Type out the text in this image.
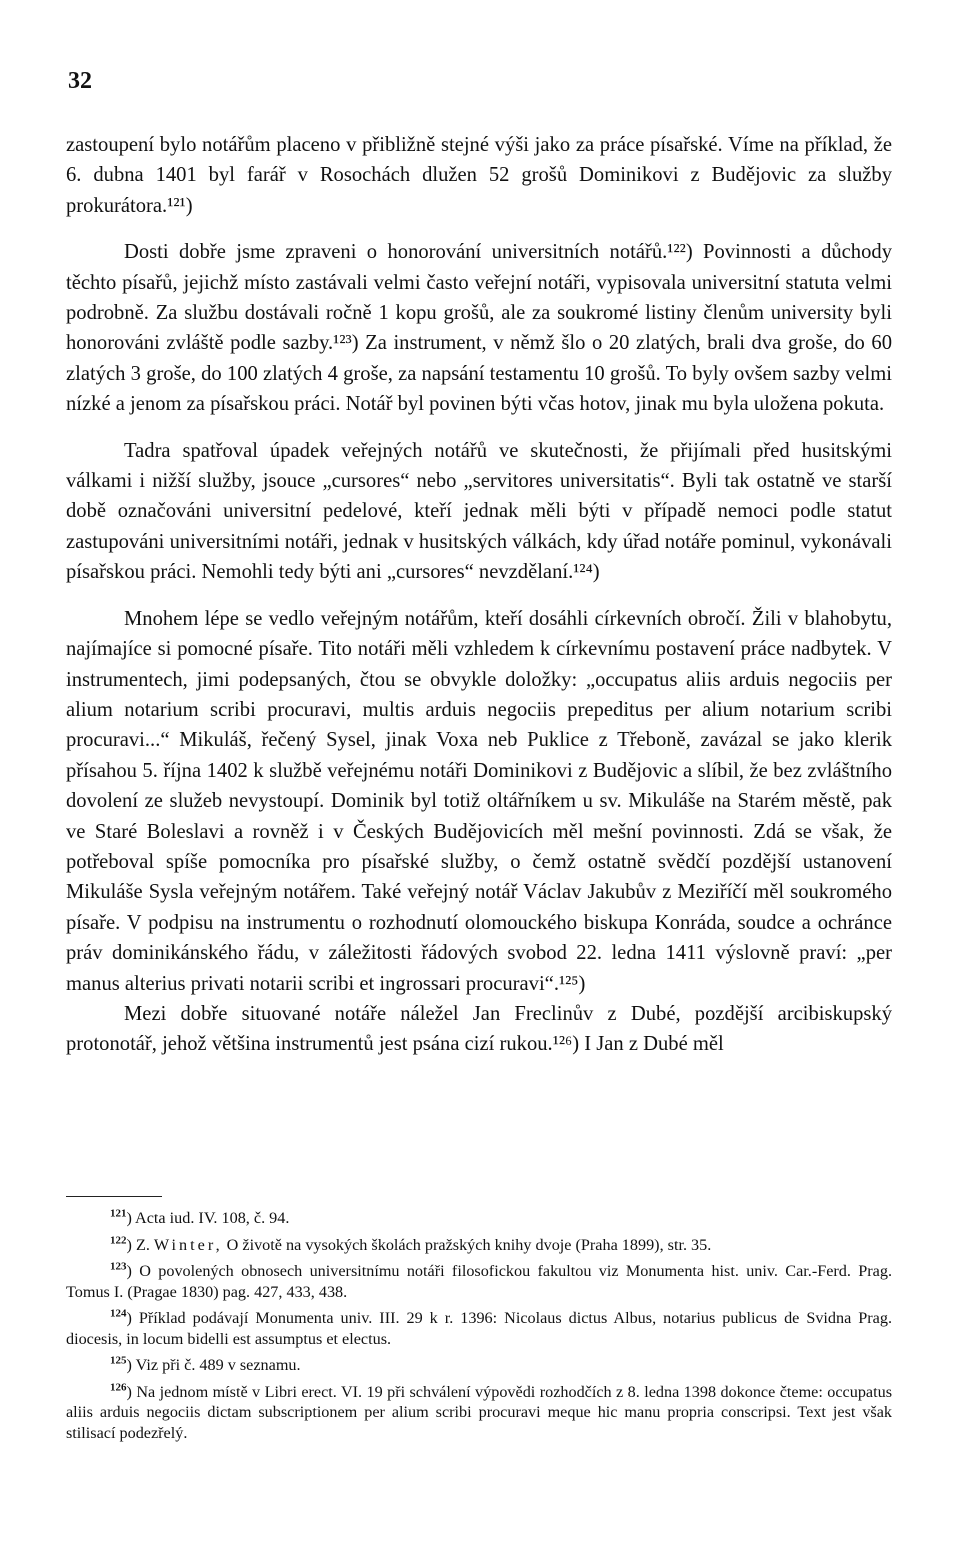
32

zastoupení bylo notářům placeno v přibližně stejné výši jako za práce písařské. Víme na příklad, že 6. dubna 1401 byl farář v Rosochách dlužen 52 grošů Dominikovi z Budějovic za služby prokurátora.¹²¹)

Dosti dobře jsme zpraveni o honorování universitních notářů.¹²²) Povinnosti a důchody těchto písařů, jejichž místo zastávali velmi často veřejní notáři, vypisovala universitní statuta velmi podrobně. Za službu dostávali ročně 1 kopu grošů, ale za soukromé listiny členům university byli honorováni zvláště podle sazby.¹²³) Za instrument, v němž šlo o 20 zlatých, brali dva groše, do 60 zlatých 3 groše, do 100 zlatých 4 groše, za napsání testamentu 10 grošů. To byly ovšem sazby velmi nízké a jenom za písařskou práci. Notář byl povinen býti včas hotov, jinak mu byla uložena pokuta.

Tadra spatřoval úpadek veřejných notářů ve skutečnosti, že přijímali před husitskými válkami i nižší služby, jsouce „cursores“ nebo „servitores universitatis“. Byli tak ostatně ve starší době označováni universitní pedelové, kteří jednak měli býti v případě nemoci podle statut zastupováni universitními notáři, jednak v husitských válkách, kdy úřad notáře pominul, vykonávali písařskou práci. Nemohli tedy býti ani „cursores“ nevzdělaní.¹²⁴)

Mnohem lépe se vedlo veřejným notářům, kteří dosáhli církevních obročí. Žili v blahobytu, najímajíce si pomocné písaře. Tito notáři měli vzhledem k církevnímu postavení práce nadbytek. V instrumentech, jimi podepsaných, čtou se obvykle doložky: „occupatus aliis arduis negociis per alium notarium scribi procuravi, multis arduis negociis prepeditus per alium notarium scribi procuravi...“ Mikuláš, řečený Sysel, jinak Voxa neb Puklice z Třeboně, zavázal se jako klerik přísahou 5. října 1402 k službě veřejnému notáři Dominikovi z Budějovic a slíbil, že bez zvláštního dovolení ze služeb nevystoupí. Dominik byl totiž oltářníkem u sv. Mikuláše na Starém městě, pak ve Staré Boleslavi a rovněž i v Českých Budějovicích měl mešní povinnosti. Zdá se však, že potřeboval spíše pomocníka pro písařské služby, o čemž ostatně svědčí pozdější ustanovení Mikuláše Sysla veřejným notářem. Také veřejný notář Václav Jakubův z Meziříčí měl soukromého písaře. V podpisu na instrumentu o rozhodnutí olomouckého biskupa Konráda, soudce a ochránce práv dominikánského řádu, v záležitosti řádových svobod 22. ledna 1411 výslovně praví: „per manus alterius privati notarii scribi et ingrossari procuravi“.¹²⁵)

Mezi dobře situované notáře náležel Jan Freclinův z Dubé, pozdější arcibiskupský protonotář, jehož většina instrumentů jest psána cizí rukou.¹²⁶) I Jan z Dubé měl

$^{121}$) Acta iud. IV. 108, č. 94.

$^{122}$) Z. Winter, O životě na vysokých školách pražských knihy dvoje (Praha 1899), str. 35.

$^{123}$) O povolených obnosech universitnímu notáři filosofickou fakultou viz Monumenta hist. univ. Car.-Ferd. Prag. Tomus I. (Pragae 1830) pag. 427, 433, 438.

$^{124}$) Příklad podávají Monumenta univ. III. 29 k r. 1396: Nicolaus dictus Albus, notarius publicus de Svidna Prag. diocesis, in locum bidelli est assumptus et electus.

$^{125}$) Viz při č. 489 v seznamu.

$^{126}$) Na jednom místě v Libri erect. VI. 19 při schválení výpovědi rozhodčích z 8. ledna 1398 dokonce čteme: occupatus aliis arduis negociis dictam subscriptionem per alium scribi procuravi meque hic manu propria conscripsi. Text jest však stilisací podezřelý.
